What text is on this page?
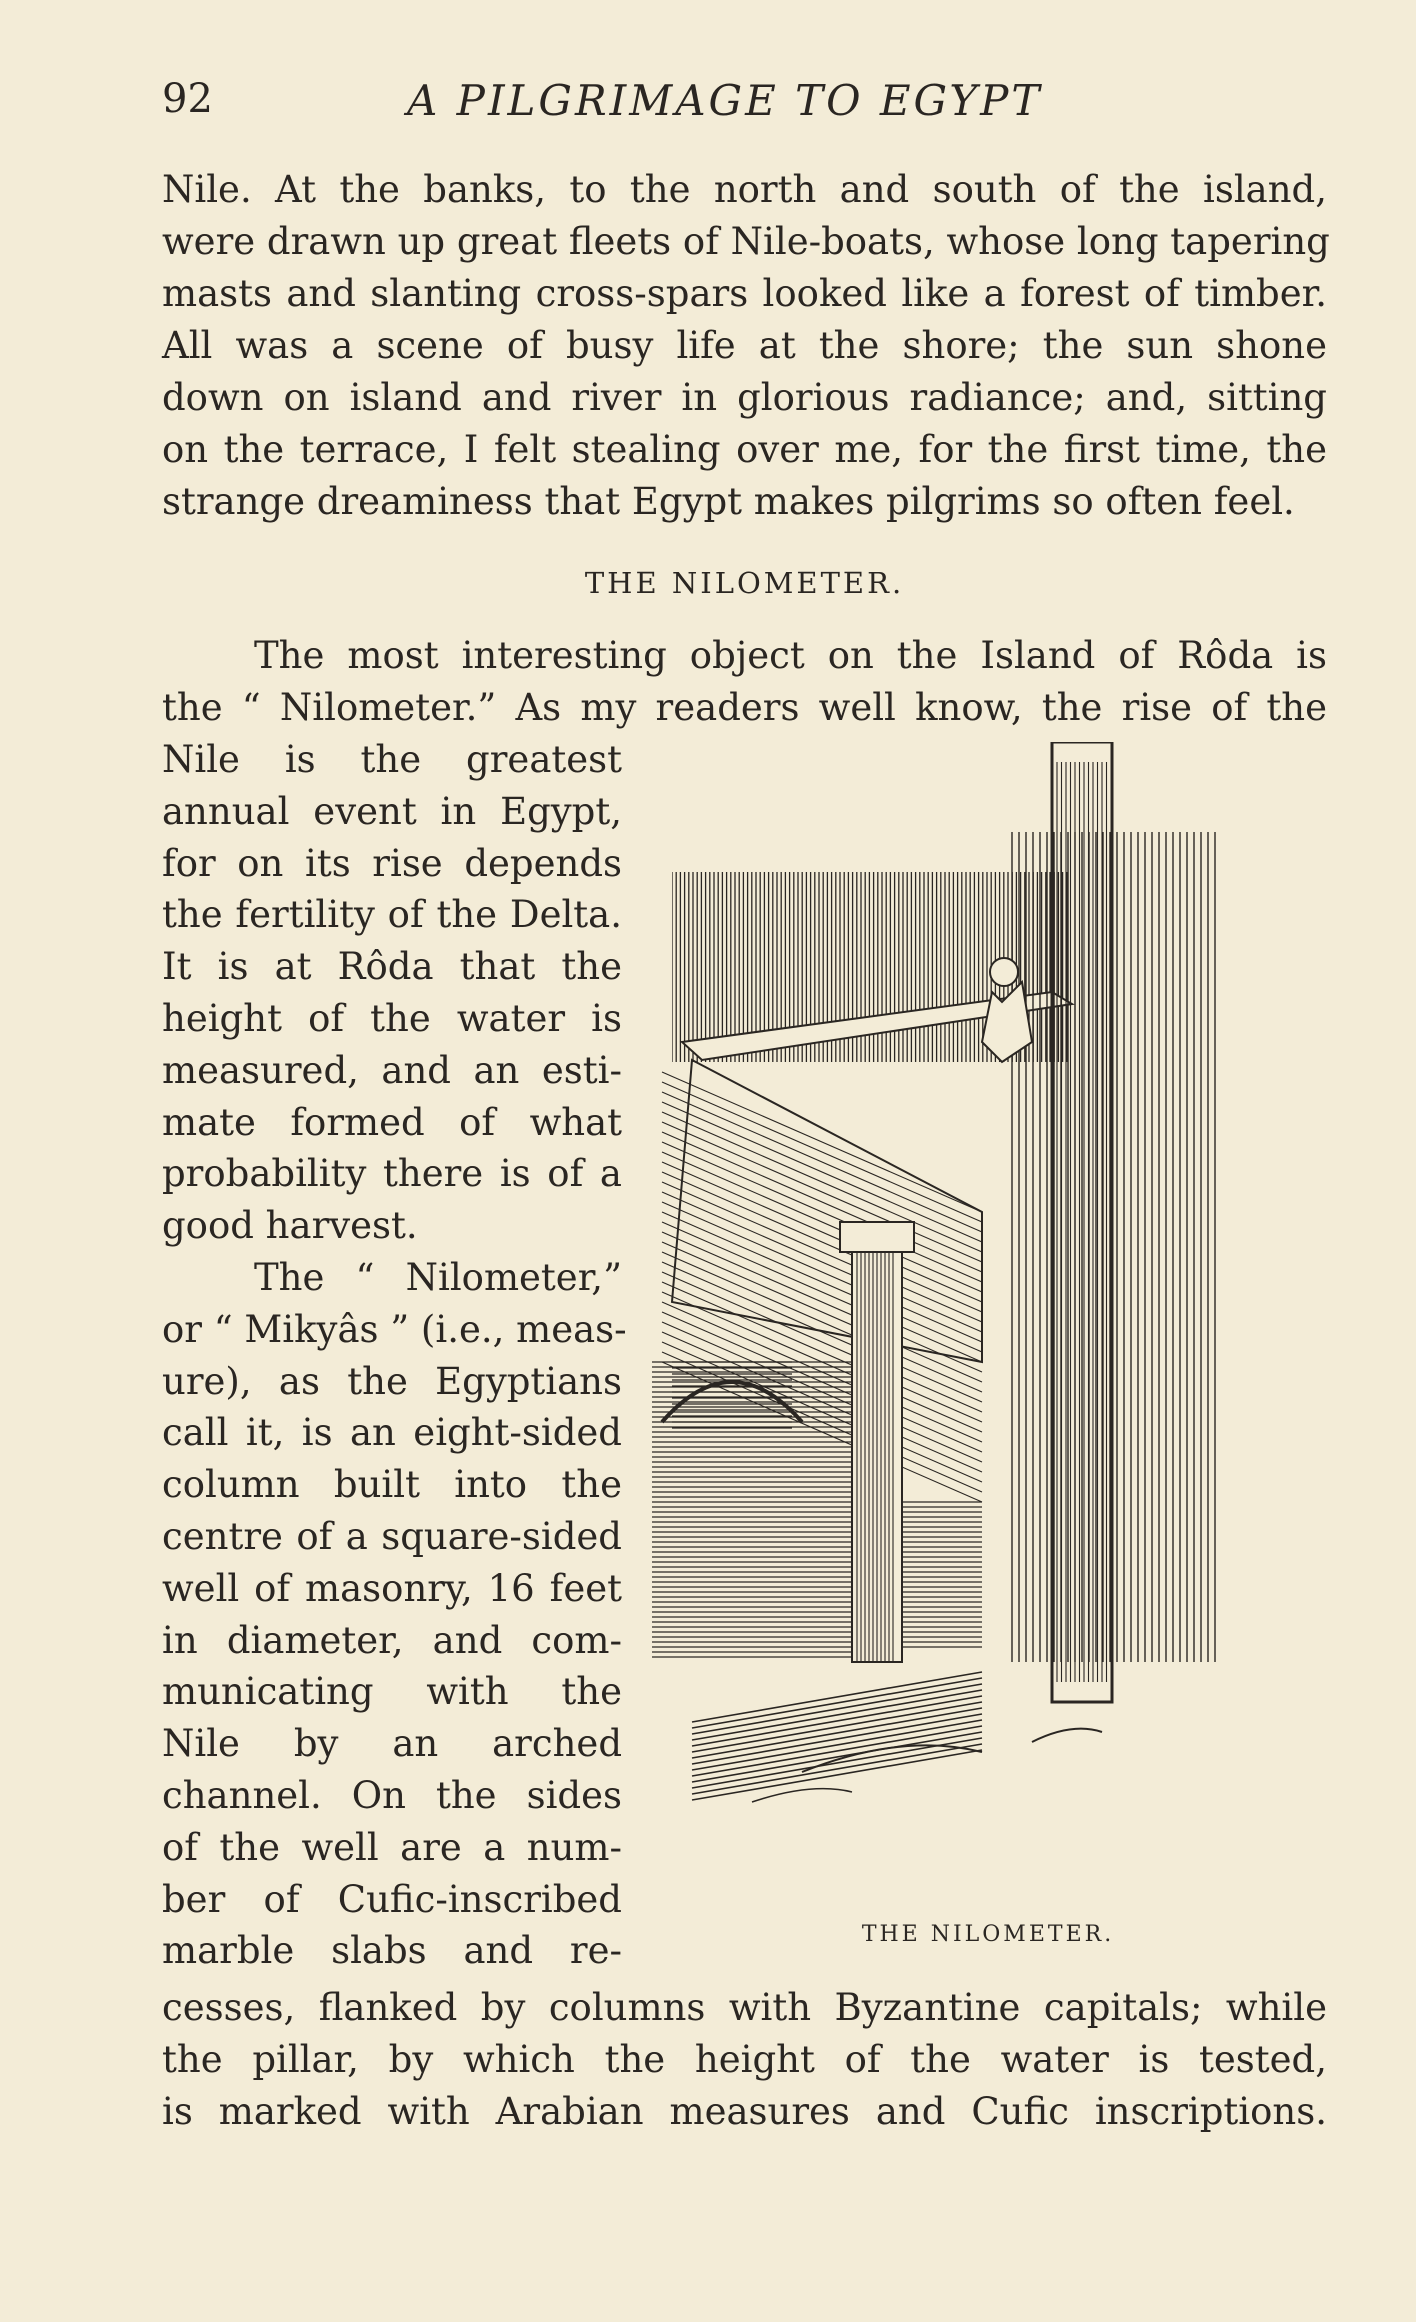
92	A PILGRIMAGE TO EGYPT
Nile. At the banks, to the north and south of the island,
were drawn up great fleets of Nile-boats, whose long tapering
masts and slanting cross-spars looked like a forest of timber.
All was a scene of busy life at the shore; the sun shone
down on island and river in glorious radiance; and, sitting
on the terrace, I felt stealing over me, for the first time, the
strange dreaminess that Egypt makes pilgrims so often feel.
THE NILOMETER.
The most interesting object on the Island of Rôda is
the “ Nilometer.” As my readers well know, the rise of the
Nile is the greatest
annual event in Egypt,
for on its rise depends
the fertility of the Delta.
It is at Rôda that the
height of the water is
measured, and an esti-
mate formed of what
probability there is of a
good harvest.
The “ Nilometer,”
or “ Mikyâs ” (i.e., meas-
ure), as the Egyptians
call it, is an eight-sided
column built into the
centre of a square-sided
well of masonry, 16 feet
in diameter, and com-
municating with the
Nile by an arched
channel. On the sides
of the well are a num-
ber of Cufic-inscribed
marble slabs and re-	THE NILOMETER.
cesses, flanked by columns with Byzantine capitals; while
the pillar, by which the height of the water is tested,
is marked with Arabian measures and Cufic inscriptions.
